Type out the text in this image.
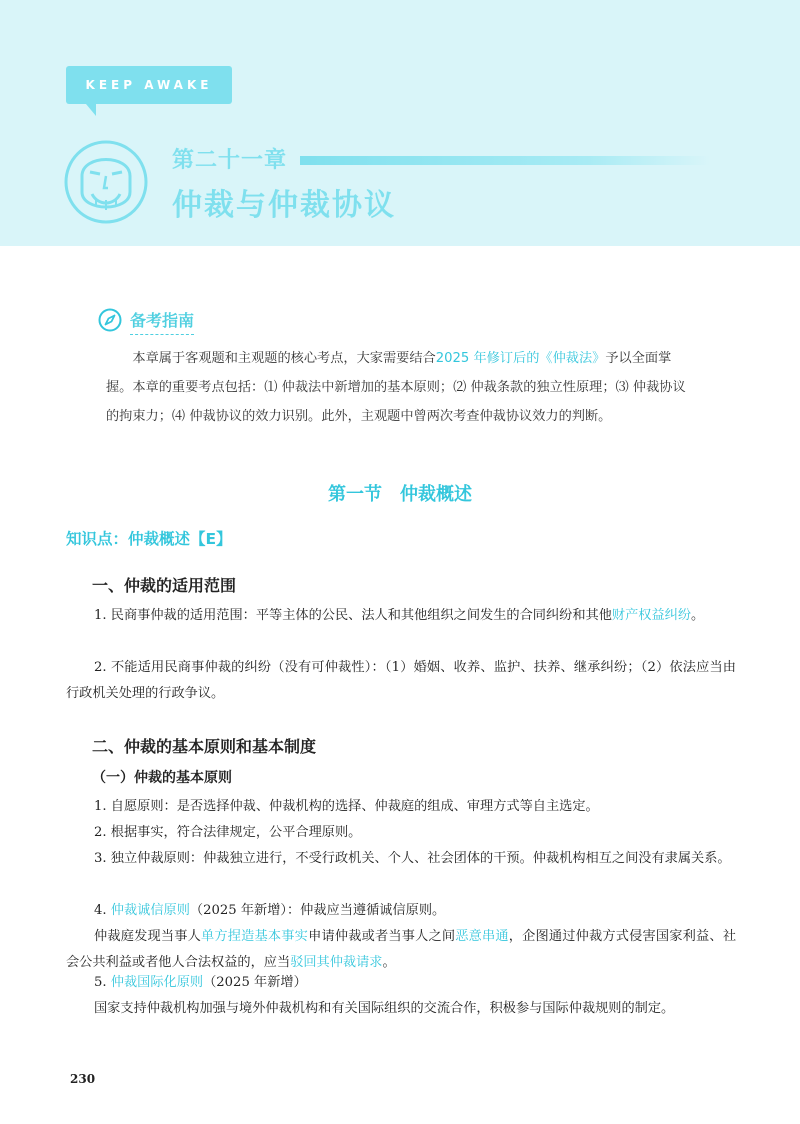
KEEP AWAKE
第二十一章
仲裁与仲裁协议
备考指南
本章属于客观题和主观题的核心考点，大家需要结合2025 年修订后的《仲裁法》予以全面掌握。本章的重要考点包括：⑴ 仲裁法中新增加的基本原则；⑵ 仲裁条款的独立性原理；⑶ 仲裁协议的拘束力；⑷ 仲裁协议的效力识别。此外，主观题中曾两次考查仲裁协议效力的判断。
第一节　仲裁概述
知识点：仲裁概述【E】
一、仲裁的适用范围
1. 民商事仲裁的适用范围：平等主体的公民、法人和其他组织之间发生的合同纠纷和其他财产权益纠纷。
2. 不能适用民商事仲裁的纠纷（没有可仲裁性）：（1）婚姻、收养、监护、扶养、继承纠纷；（2）依法应当由行政机关处理的行政争议。
二、仲裁的基本原则和基本制度
（一）仲裁的基本原则
1. 自愿原则：是否选择仲裁、仲裁机构的选择、仲裁庭的组成、审理方式等自主选定。
2. 根据事实，符合法律规定，公平合理原则。
3. 独立仲裁原则：仲裁独立进行，不受行政机关、个人、社会团体的干预。仲裁机构相互之间没有隶属关系。
4. 仲裁诚信原则（2025 年新增）：仲裁应当遵循诚信原则。
仲裁庭发现当事人单方捏造基本事实申请仲裁或者当事人之间恶意串通，企图通过仲裁方式侵害国家利益、社会公共利益或者他人合法权益的，应当驳回其仲裁请求。
5. 仲裁国际化原则（2025 年新增）
国家支持仲裁机构加强与境外仲裁机构和有关国际组织的交流合作，积极参与国际仲裁规则的制定。
230
